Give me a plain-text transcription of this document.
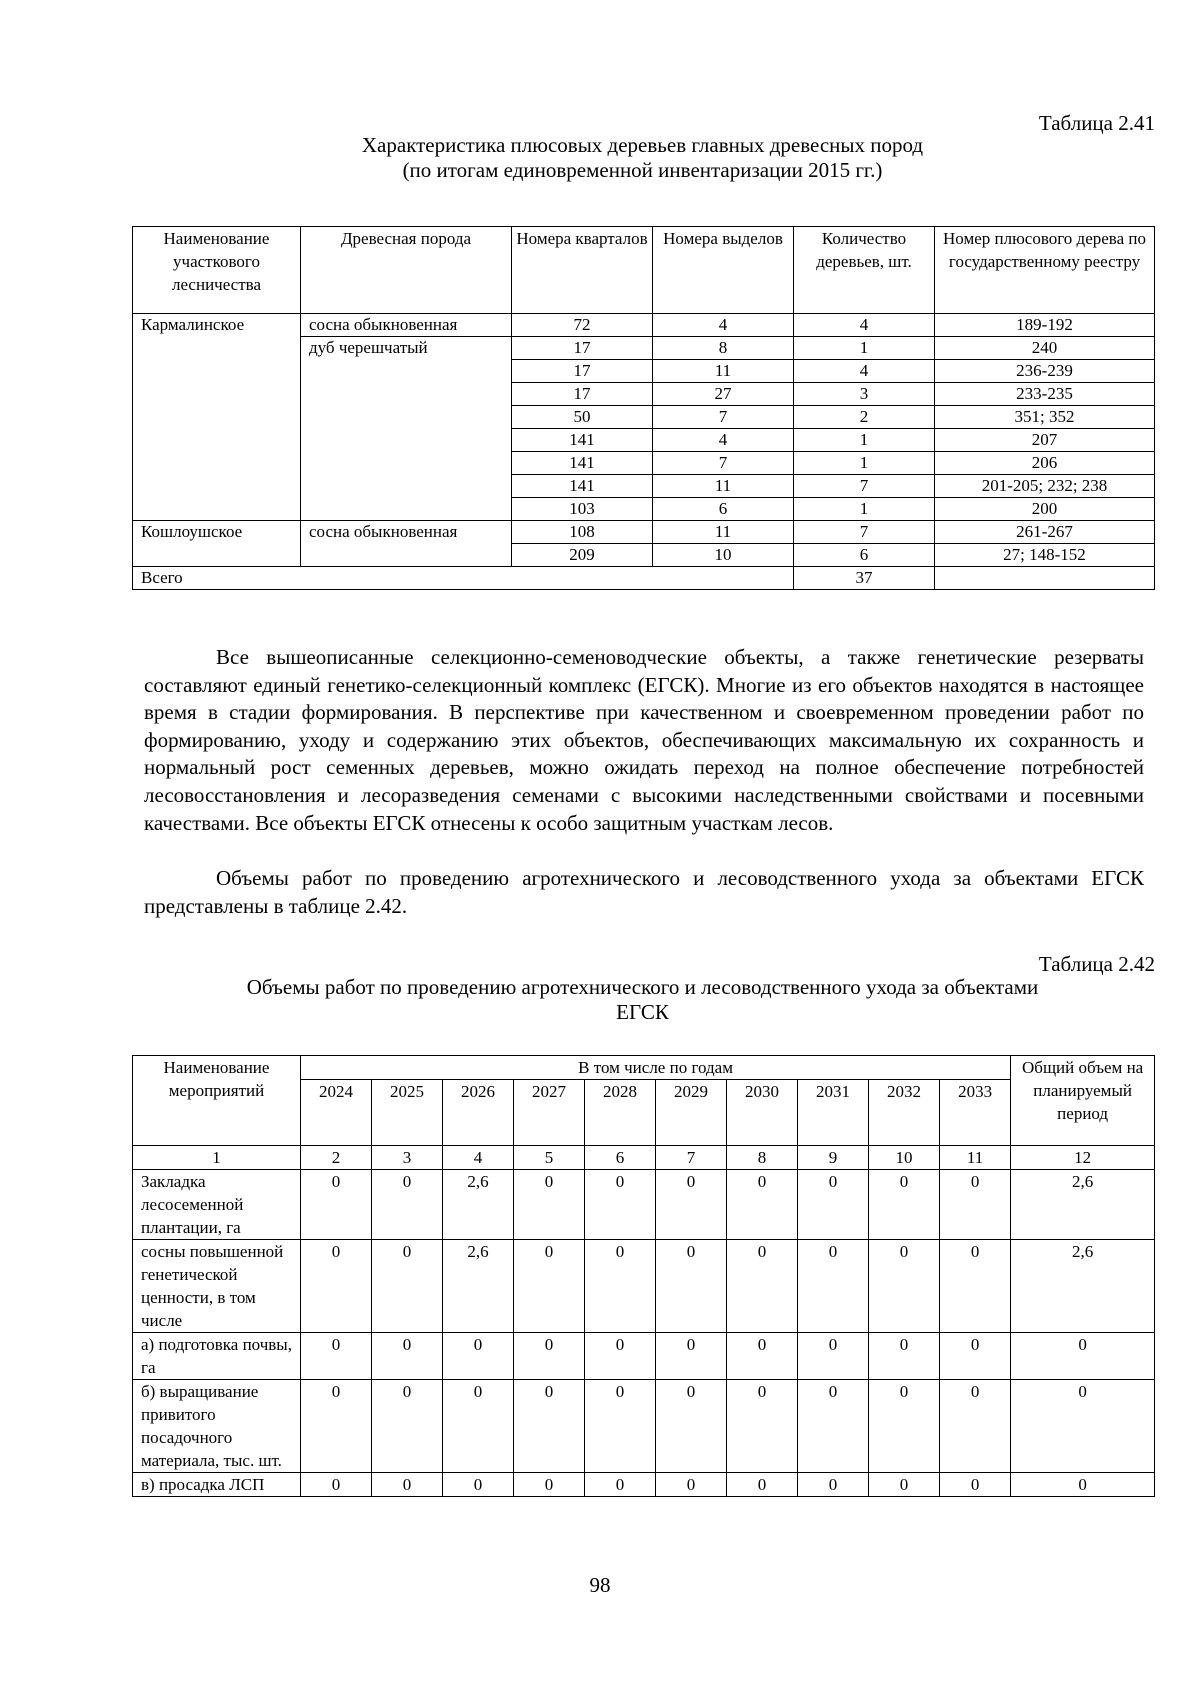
Таблица 2.41
Характеристика плюсовых деревьев главных древесных пород
(по итогам единовременной инвентаризации 2015 гг.)
Наименование участкового лесничества	Древесная порода	Номера кварталов	Номера выделов	Количество деревьев, шт.	Номер плюсового дерева по государственному реестру
Кармалинское	сосна обыкновенная	72	4	4	189-192
	дуб черешчатый	17	8	1	240
		17	11	4	236-239
		17	27	3	233-235
		50	7	2	351; 352
		141	4	1	207
		141	7	1	206
		141	11	7	201-205; 232; 238
		103	6	1	200
Кошлоушское	сосна обыкновенная	108	11	7	261-267
		209	10	6	27; 148-152
Всего				37	
Все вышеописанные селекционно-семеноводческие объекты, а также генетические резерваты составляют единый генетико-селекционный комплекс (ЕГСК). Многие из его объектов находятся в настоящее время в стадии формирования. В перспективе при качественном и своевременном проведении работ по формированию, уходу и содержанию этих объектов, обеспечивающих максимальную их сохранность и нормальный рост семенных деревьев, можно ожидать переход на полное обеспечение потребностей лесовосстановления и лесоразведения семенами с высокими наследственными свойствами и посевными качествами. Все объекты ЕГСК отнесены к особо защитным участкам лесов.
Объемы работ по проведению агротехнического и лесоводственного ухода за объектами ЕГСК представлены в таблице 2.42.
Таблица 2.42
Объемы работ по проведению агротехнического и лесоводственного ухода за объектами
ЕГСК
Наименование мероприятий	В том числе по годам										Общий объем на планируемый период
	2024	2025	2026	2027	2028	2029	2030	2031	2032	2033	
1	2	3	4	5	6	7	8	9	10	11	12
Закладка лесосеменной плантации, га	0	0	2,6	0	0	0	0	0	0	0	2,6
сосны повышенной генетической ценности, в том числе	0	0	2,6	0	0	0	0	0	0	0	2,6
а) подготовка почвы, га	0	0	0	0	0	0	0	0	0	0	0
б) выращивание привитого посадочного материала, тыс. шт.	0	0	0	0	0	0	0	0	0	0	0
в) просадка ЛСП	0	0	0	0	0	0	0	0	0	0	0
98
